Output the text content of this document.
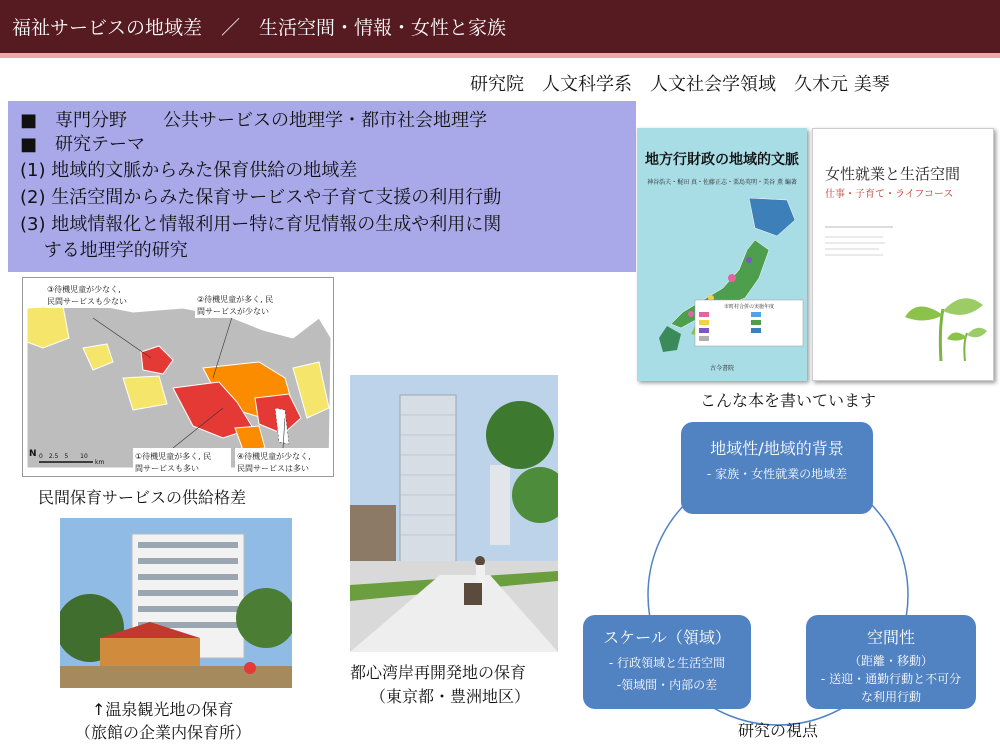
福祉サービスの地域差　／　生活空間・情報・女性と家族
研究院　人文科学系　人文社会学領域　久木元 美琴
■　専門分野　　公共サービスの地理学・都市社会地理学
■　研究テーマ
(1) 地域的文脈からみた保育供給の地域差
(2) 生活空間からみた保育サービスや子育て支援の利用行動
(3) 地域情報化と情報利用ー特に育児情報の生成や利用に関
　 する地理学的研究
地方行財政の地域的文脈
神谷浩夫・梶田 真・佐藤正志・栗島英明・美谷 薫 編著
市町村合併の実施年度
古今書院
女性就業と生活空間
仕事・子育て・ライフコース
こんな本を書いています
③待機児童が少なく,
民間サービスも少ない	②待機児童が多く, 民
間サービスが少ない
①待機児童が多く, 民
間サービスも多い
④待機児童が少なく,
民間サービスは多い
N 0　2.5　5　　10
km
民間保育サービスの供給格差
都心湾岸再開発地の保育
（東京都・豊洲地区）
↑温泉観光地の保育
（旅館の企業内保育所）
地域性/地域的背景
- 家族・女性就業の地域差
スケール（領域）
- 行政領域と生活空間
-領域間・内部の差
空間性
（距離・移動）
- 送迎・通勤行動と不可分
な利用行動
研究の視点
